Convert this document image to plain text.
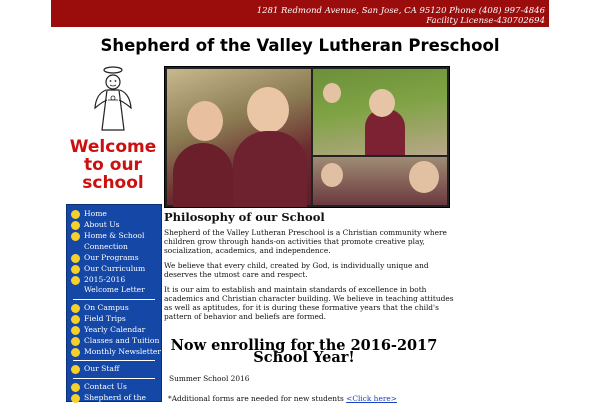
1281 Redmond Avenue, San Jose, CA 95120 Phone (408) 997-4846
Facility License-430702694
Shepherd of the Valley Lutheran Preschool
Welcome
to our
school
Home
About Us
Home & School Connection
Our Programs
Our Curriculum
2015-2016 Welcome Letter
On Campus
Field Trips
Yearly Calendar
Classes and Tuition
Monthly Newsletter
Our Staff
Contact Us
Shepherd of the
Philosophy of our School

Shepherd of the Valley Lutheran Preschool is a Christian community where children grow through hands-on activities that promote creative play, socialization, academics, and independence.

We believe that every child, created by God, is individually unique and deserves the utmost care and respect.

It is our aim to establish and maintain standards of excellence in both academics and Christian character building. We believe in teaching attitudes as well as aptitudes, for it is during these formative years that the child's pattern of behavior and beliefs are formed.

Now enrolling for the 2016-2017
School Year!
Summer School 2016
*Additional forms are needed for new students <Click here>
